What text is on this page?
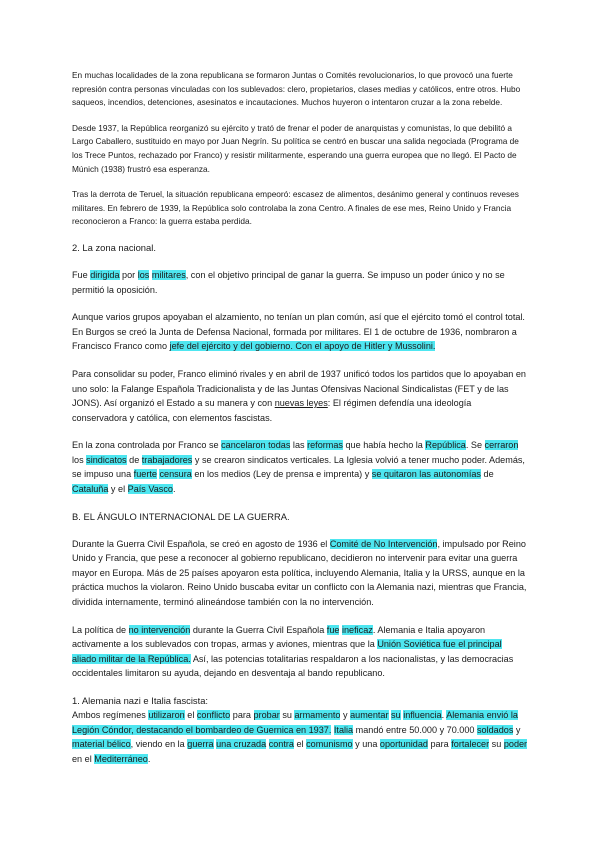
En muchas localidades de la zona republicana se formaron Juntas o Comités revolucionarios, lo que provocó una fuerte represión contra personas vinculadas con los sublevados: clero, propietarios, clases medias y católicos, entre otros. Hubo saqueos, incendios, detenciones, asesinatos e incautaciones. Muchos huyeron o intentaron cruzar a la zona rebelde.

Desde 1937, la República reorganizó su ejército y trató de frenar el poder de anarquistas y comunistas, lo que debilitó a Largo Caballero, sustituido en mayo por Juan Negrín. Su política se centró en buscar una salida negociada (Programa de los Trece Puntos, rechazado por Franco) y resistir militarmente, esperando una guerra europea que no llegó. El Pacto de Múnich (1938) frustró esa esperanza.

Tras la derrota de Teruel, la situación republicana empeoró: escasez de alimentos, desánimo general y continuos reveses militares. En febrero de 1939, la República solo controlaba la zona Centro. A finales de ese mes, Reino Unido y Francia reconocieron a Franco: la guerra estaba perdida.

2. La zona nacional.

Fue dirigida por los militares, con el objetivo principal de ganar la guerra. Se impuso un poder único y no se permitió la oposición.

Aunque varios grupos apoyaban el alzamiento, no tenían un plan común, así que el ejército tomó el control total. En Burgos se creó la Junta de Defensa Nacional, formada por militares. El 1 de octubre de 1936, nombraron a Francisco Franco como jefe del ejército y del gobierno. Con el apoyo de Hitler y Mussolini.

Para consolidar su poder, Franco eliminó rivales y en abril de 1937 unificó todos los partidos que lo apoyaban en uno solo: la Falange Española Tradicionalista y de las Juntas Ofensivas Nacional Sindicalistas (FET y de las JONS). Así organizó el Estado a su manera y con nuevas leyes: El régimen defendía una ideología conservadora y católica, con elementos fascistas.

En la zona controlada por Franco se cancelaron todas las reformas que había hecho la República. Se cerraron los sindicatos de trabajadores y se crearon sindicatos verticales. La Iglesia volvió a tener mucho poder. Además, se impuso una fuerte censura en los medios (Ley de prensa e imprenta) y se quitaron las autonomías de Cataluña y el País Vasco.

B. EL ÁNGULO INTERNACIONAL DE LA GUERRA.

Durante la Guerra Civil Española, se creó en agosto de 1936 el Comité de No Intervención, impulsado por Reino Unido y Francia, que pese a reconocer al gobierno republicano, decidieron no intervenir para evitar una guerra mayor en Europa. Más de 25 países apoyaron esta política, incluyendo Alemania, Italia y la URSS, aunque en la práctica muchos la violaron. Reino Unido buscaba evitar un conflicto con la Alemania nazi, mientras que Francia, dividida internamente, terminó alineándose también con la no intervención.

La política de no intervención durante la Guerra Civil Española fue ineficaz. Alemania e Italia apoyaron activamente a los sublevados con tropas, armas y aviones, mientras que la Unión Soviética fue el principal aliado militar de la República. Así, las potencias totalitarias respaldaron a los nacionalistas, y las democracias occidentales limitaron su ayuda, dejando en desventaja al bando republicano.

1. Alemania nazi e Italia fascista:

Ambos regímenes utilizaron el conflicto para probar su armamento y aumentar su influencia. Alemania envió la Legión Cóndor, destacando el bombardeo de Guernica en 1937. Italia mandó entre 50.000 y 70.000 soldados y material bélico, viendo en la guerra una cruzada contra el comunismo y una oportunidad para fortalecer su poder en el Mediterráneo.
